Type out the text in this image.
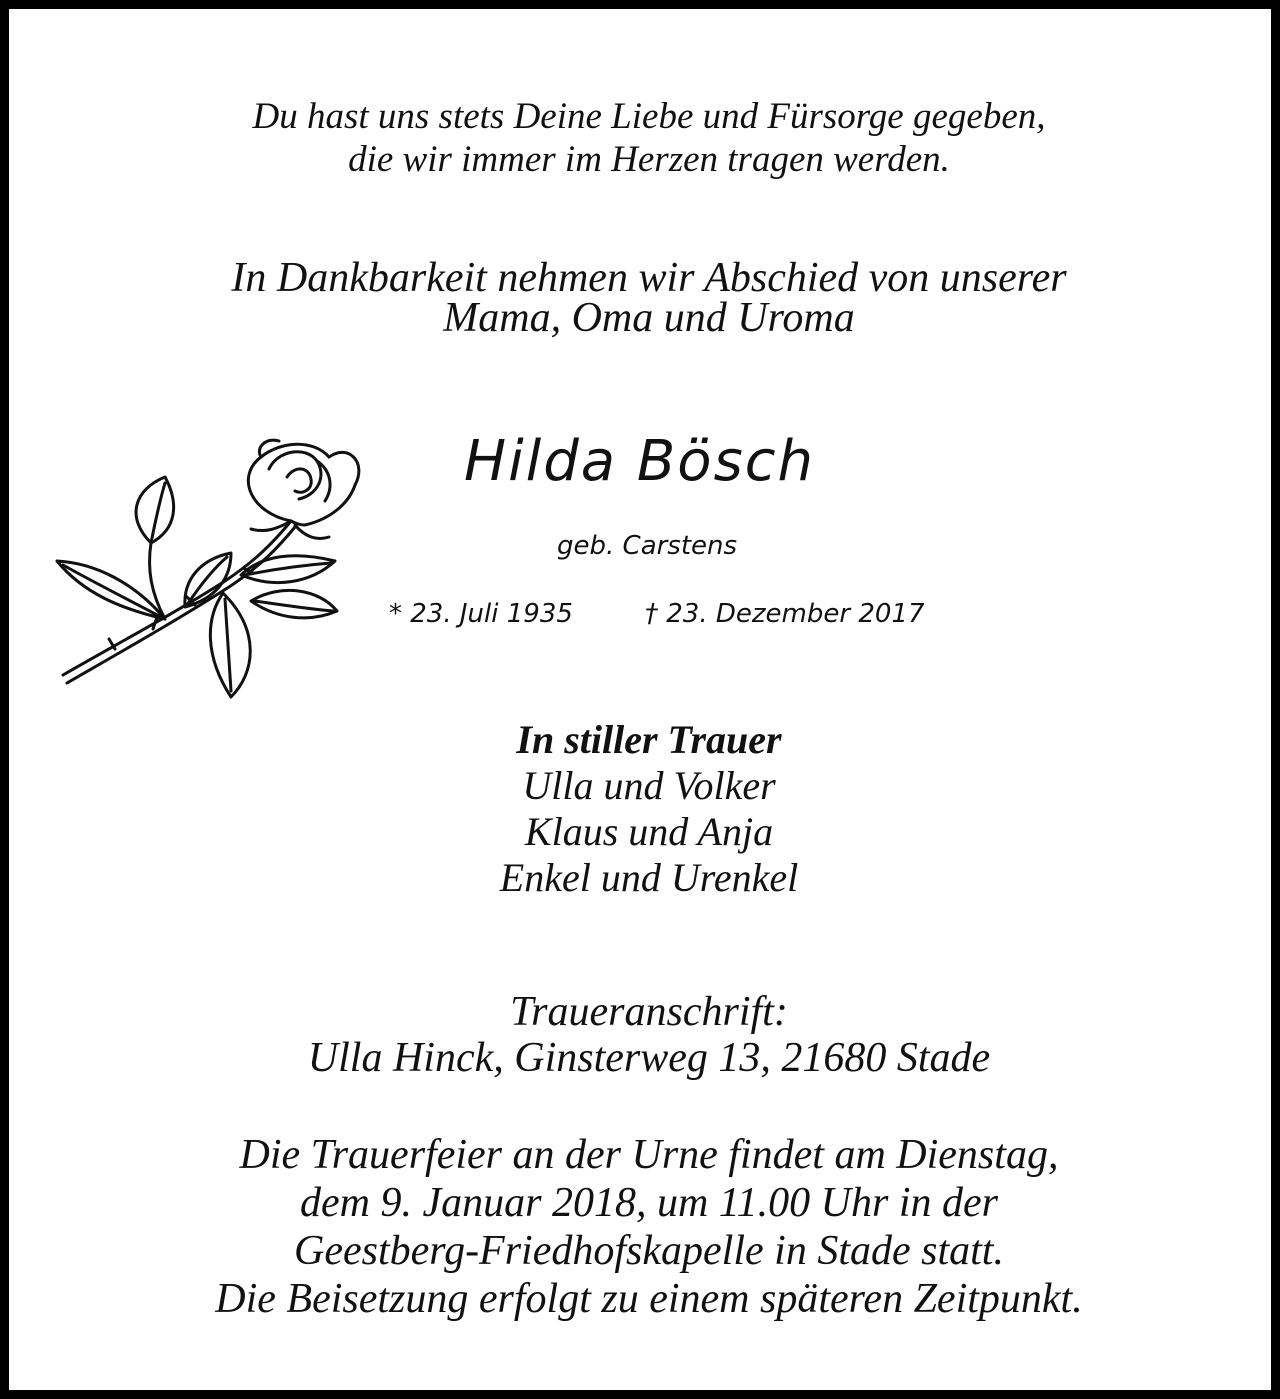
Du hast uns stets Deine Liebe und Fürsorge gegeben,
die wir immer im Herzen tragen werden.
In Dankbarkeit nehmen wir Abschied von unserer
Mama, Oma und Uroma
Hilda Bösch
geb. Carstens
* 23. Juli 1935	† 23. Dezember 2017
In stiller Trauer
Ulla und Volker
Klaus und Anja
Enkel und Urenkel
Traueranschrift:
Ulla Hinck, Ginsterweg 13, 21680 Stade
Die Trauerfeier an der Urne findet am Dienstag,
dem 9. Januar 2018, um 11.00 Uhr in der
Geestberg-Friedhofskapelle in Stade statt.
Die Beisetzung erfolgt zu einem späteren Zeitpunkt.
